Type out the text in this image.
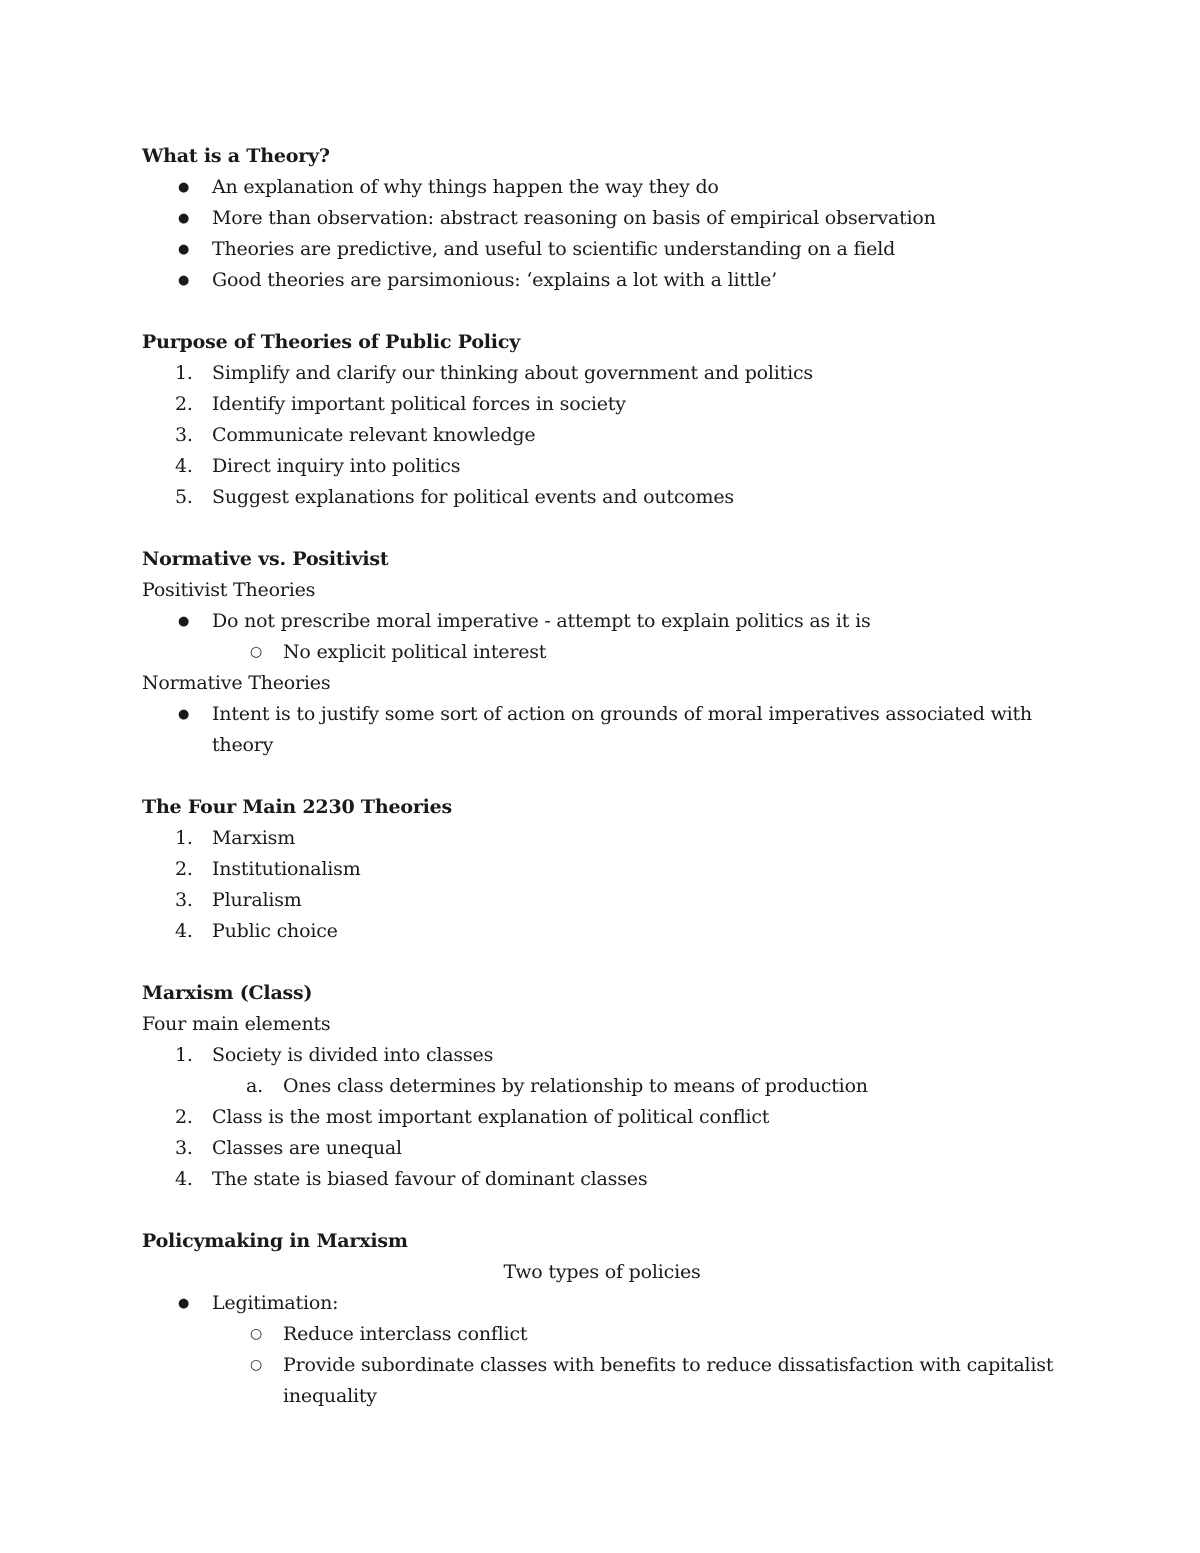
What is a Theory?
● An explanation of why things happen the way they do
● More than observation: abstract reasoning on basis of empirical observation
● Theories are predictive, and useful to scientific understanding on a field
● Good theories are parsimonious: ‘explains a lot with a little’
Purpose of Theories of Public Policy
1.	Simplify and clarify our thinking about government and politics
2.	Identify important political forces in society
3.	Communicate relevant knowledge
4.	Direct inquiry into politics
5.	Suggest explanations for political events and outcomes
Normative vs. Positivist
Positivist Theories
● Do not prescribe moral imperative - attempt to explain politics as it is
○ No explicit political interest
Normative Theories
● Intent is to justify some sort of action on grounds of moral imperatives associated with theory
The Four Main 2230 Theories
1.	Marxism
2.	Institutionalism
3.	Pluralism
4.	Public choice
Marxism (Class)
Four main elements
1.	Society is divided into classes
a. Ones class determines by relationship to means of production
2.	Class is the most important explanation of political conflict
3.	Classes are unequal
4.	The state is biased favour of dominant classes
Policymaking in Marxism
Two types of policies
● Legitimation:
○ Reduce interclass conflict
○ Provide subordinate classes with benefits to reduce dissatisfaction with capitalist inequality
